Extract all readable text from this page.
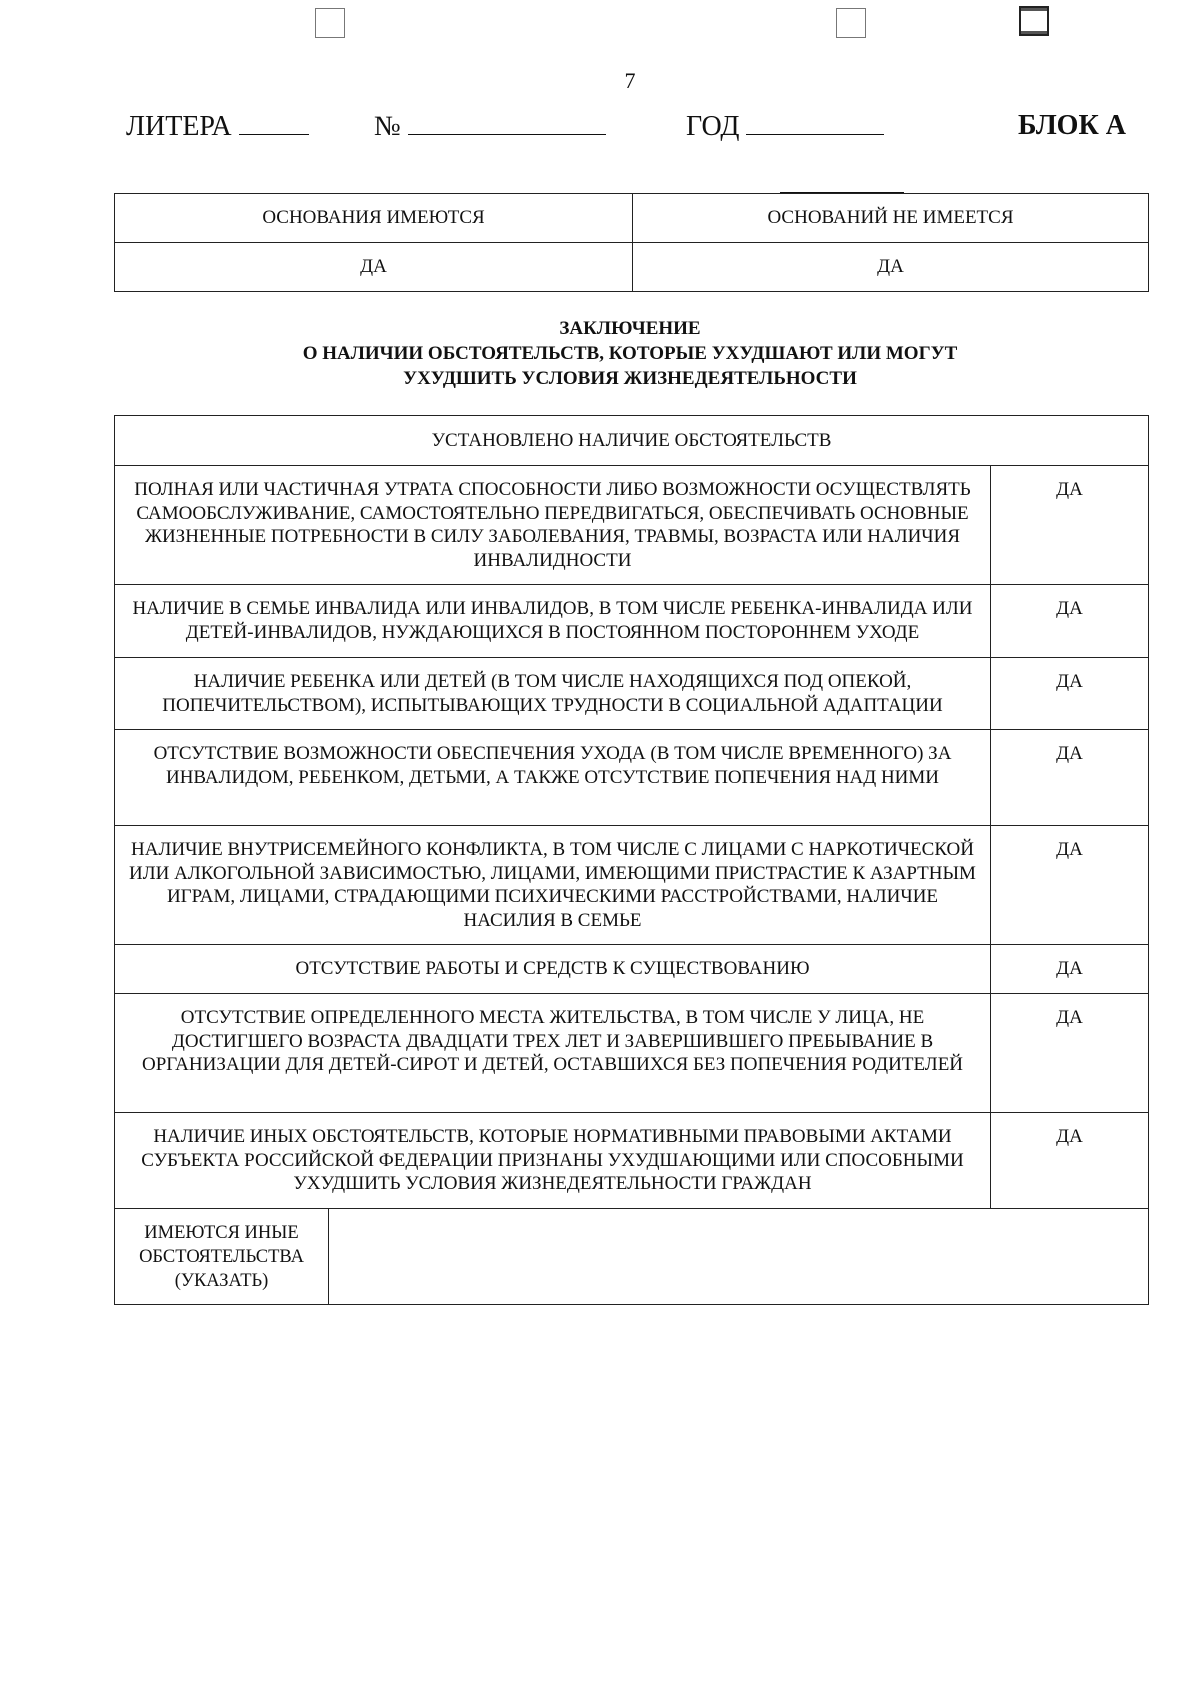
7
ЛИТЕРА	№	ГОД	БЛОК А
ОСНОВАНИЯ ИМЕЮТСЯ	ОСНОВАНИЙ НЕ ИМЕЕТСЯ
ДА	ДА
ЗАКЛЮЧЕНИЕ
О НАЛИЧИИ ОБСТОЯТЕЛЬСТВ, КОТОРЫЕ УХУДШАЮТ ИЛИ МОГУТ
УХУДШИТЬ УСЛОВИЯ ЖИЗНЕДЕЯТЕЛЬНОСТИ
УСТАНОВЛЕНО НАЛИЧИЕ ОБСТОЯТЕЛЬСТВ		
ПОЛНАЯ ИЛИ ЧАСТИЧНАЯ УТРАТА СПОСОБНОСТИ ЛИБО ВОЗМОЖНОСТИ ОСУЩЕСТВЛЯТЬ САМООБСЛУЖИВАНИЕ, САМОСТОЯТЕЛЬНО ПЕРЕДВИГАТЬСЯ, ОБЕСПЕЧИВАТЬ ОСНОВНЫЕ ЖИЗНЕННЫЕ ПОТРЕБНОСТИ В СИЛУ ЗАБОЛЕВАНИЯ, ТРАВМЫ, ВОЗРАСТА ИЛИ НАЛИЧИЯ ИНВАЛИДНОСТИ		ДА
НАЛИЧИЕ В СЕМЬЕ ИНВАЛИДА ИЛИ ИНВАЛИДОВ, В ТОМ ЧИСЛЕ РЕБЕНКА-ИНВАЛИДА ИЛИ ДЕТЕЙ-ИНВАЛИДОВ, НУЖДАЮЩИХСЯ В ПОСТОЯННОМ ПОСТОРОННЕМ УХОДЕ		ДА
НАЛИЧИЕ РЕБЕНКА ИЛИ ДЕТЕЙ (В ТОМ ЧИСЛЕ НАХОДЯЩИХСЯ ПОД ОПЕКОЙ, ПОПЕЧИТЕЛЬСТВОМ), ИСПЫТЫВАЮЩИХ ТРУДНОСТИ В СОЦИАЛЬНОЙ АДАПТАЦИИ		ДА
ОТСУТСТВИЕ ВОЗМОЖНОСТИ ОБЕСПЕЧЕНИЯ УХОДА (В ТОМ ЧИСЛЕ ВРЕМЕННОГО) ЗА ИНВАЛИДОМ, РЕБЕНКОМ, ДЕТЬМИ, А ТАКЖЕ ОТСУТСТВИЕ ПОПЕЧЕНИЯ НАД НИМИ		ДА
НАЛИЧИЕ ВНУТРИСЕМЕЙНОГО КОНФЛИКТА, В ТОМ ЧИСЛЕ С ЛИЦАМИ С НАРКОТИЧЕСКОЙ ИЛИ АЛКОГОЛЬНОЙ ЗАВИСИМОСТЬЮ, ЛИЦАМИ, ИМЕЮЩИМИ ПРИСТРАСТИЕ К АЗАРТНЫМ ИГРАМ, ЛИЦАМИ, СТРАДАЮЩИМИ ПСИХИЧЕСКИМИ РАССТРОЙСТВАМИ, НАЛИЧИЕ НАСИЛИЯ В СЕМЬЕ		ДА
ОТСУТСТВИЕ РАБОТЫ И СРЕДСТВ К СУЩЕСТВОВАНИЮ		ДА
ОТСУТСТВИЕ ОПРЕДЕЛЕННОГО МЕСТА ЖИТЕЛЬСТВА, В ТОМ ЧИСЛЕ У ЛИЦА, НЕ ДОСТИГШЕГО ВОЗРАСТА ДВАДЦАТИ ТРЕХ ЛЕТ И ЗАВЕРШИВШЕГО ПРЕБЫВАНИЕ В ОРГАНИЗАЦИИ ДЛЯ ДЕТЕЙ-СИРОТ И ДЕТЕЙ, ОСТАВШИХСЯ БЕЗ ПОПЕЧЕНИЯ РОДИТЕЛЕЙ		ДА
НАЛИЧИЕ ИНЫХ ОБСТОЯТЕЛЬСТВ, КОТОРЫЕ НОРМАТИВНЫМИ ПРАВОВЫМИ АКТАМИ СУБЪЕКТА РОССИЙСКОЙ ФЕДЕРАЦИИ ПРИЗНАНЫ УХУДШАЮЩИМИ ИЛИ СПОСОБНЫМИ УХУДШИТЬ УСЛОВИЯ ЖИЗНЕДЕЯТЕЛЬНОСТИ ГРАЖДАН		ДА
ИМЕЮТСЯ ИНЫЕ ОБСТОЯТЕЛЬСТВА (УКАЗАТЬ)		
